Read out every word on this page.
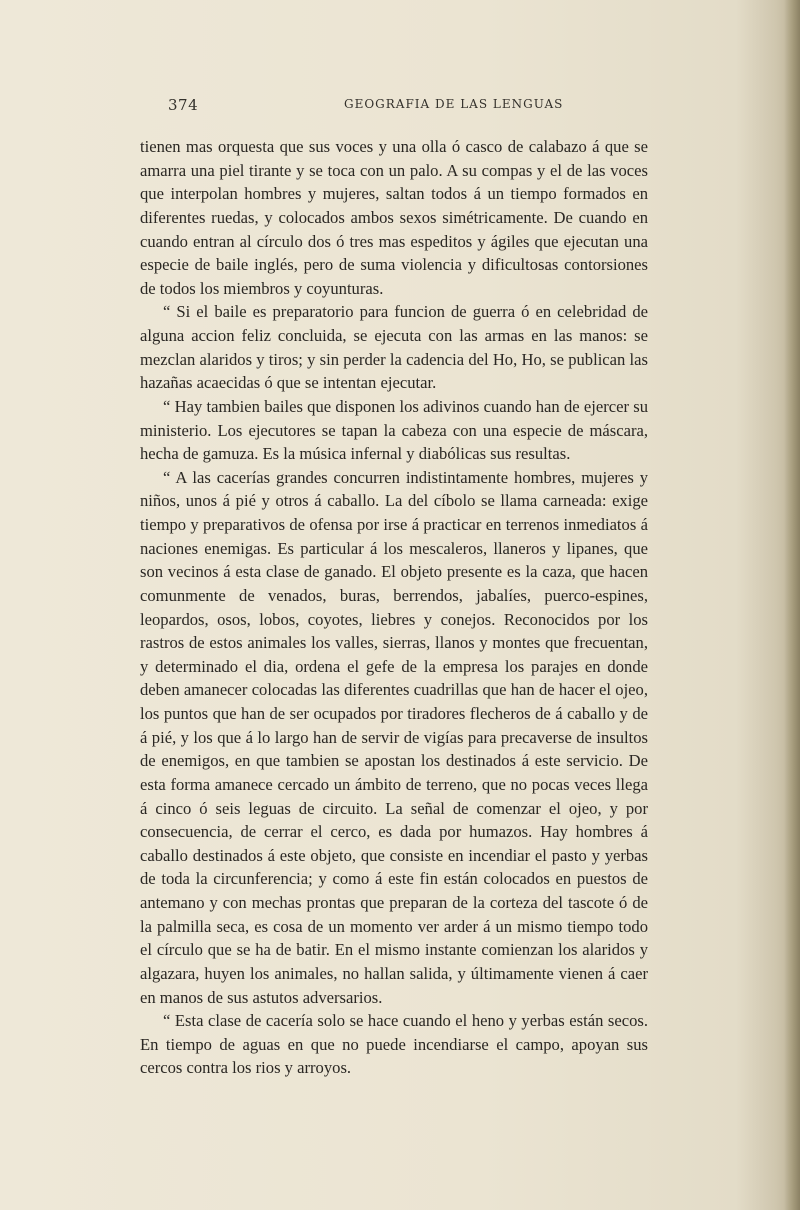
374	GEOGRAFIA DE LAS LENGUAS

tienen mas orquesta que sus voces y una olla ó casco de calabazo á que se amarra una piel tirante y se toca con un palo. A su compas y el de las voces que interpolan hombres y mujeres, saltan todos á un tiempo formados en diferentes ruedas, y colocados ambos sexos simétricamente. De cuando en cuando entran al círculo dos ó tres mas espeditos y ágiles que ejecutan una especie de baile inglés, pero de suma violencia y dificultosas contorsiones de todos los miembros y coyunturas.

“ Si el baile es preparatorio para funcion de guerra ó en celebridad de alguna accion feliz concluida, se ejecuta con las armas en las manos: se mezclan alaridos y tiros; y sin perder la cadencia del Ho, Ho, se publican las hazañas acaecidas ó que se intentan ejecutar.

“ Hay tambien bailes que disponen los adivinos cuando han de ejercer su ministerio. Los ejecutores se tapan la cabeza con una especie de máscara, hecha de gamuza. Es la música infernal y diabólicas sus resultas.

“ A las cacerías grandes concurren indistintamente hombres, mujeres y niños, unos á pié y otros á caballo. La del cíbolo se llama carneada: exige tiempo y preparativos de ofensa por irse á practicar en terrenos inmediatos á naciones enemigas. Es particular á los mescaleros, llaneros y lipanes, que son vecinos á esta clase de ganado. El objeto presente es la caza, que hacen comunmente de venados, buras, berrendos, jabalíes, puerco-espines, leopardos, osos, lobos, coyotes, liebres y conejos. Reconocidos por los rastros de estos animales los valles, sierras, llanos y montes que frecuentan, y determinado el dia, ordena el gefe de la empresa los parajes en donde deben amanecer colocadas las diferentes cuadrillas que han de hacer el ojeo, los puntos que han de ser ocupados por tiradores flecheros de á caballo y de á pié, y los que á lo largo han de servir de vigías para precaverse de insultos de enemigos, en que tambien se apostan los destinados á este servicio. De esta forma amanece cercado un ámbito de terreno, que no pocas veces llega á cinco ó seis leguas de circuito. La señal de comenzar el ojeo, y por consecuencia, de cerrar el cerco, es dada por humazos. Hay hombres á caballo destinados á este objeto, que consiste en incendiar el pasto y yerbas de toda la circunferencia; y como á este fin están colocados en puestos de antemano y con mechas prontas que preparan de la corteza del tascote ó de la palmilla seca, es cosa de un momento ver arder á un mismo tiempo todo el círculo que se ha de batir. En el mismo instante comienzan los alaridos y algazara, huyen los animales, no hallan salida, y últimamente vienen á caer en manos de sus astutos adversarios.

“ Esta clase de cacería solo se hace cuando el heno y yerbas están secos. En tiempo de aguas en que no puede incendiarse el campo, apoyan sus cercos contra los rios y arroyos.
